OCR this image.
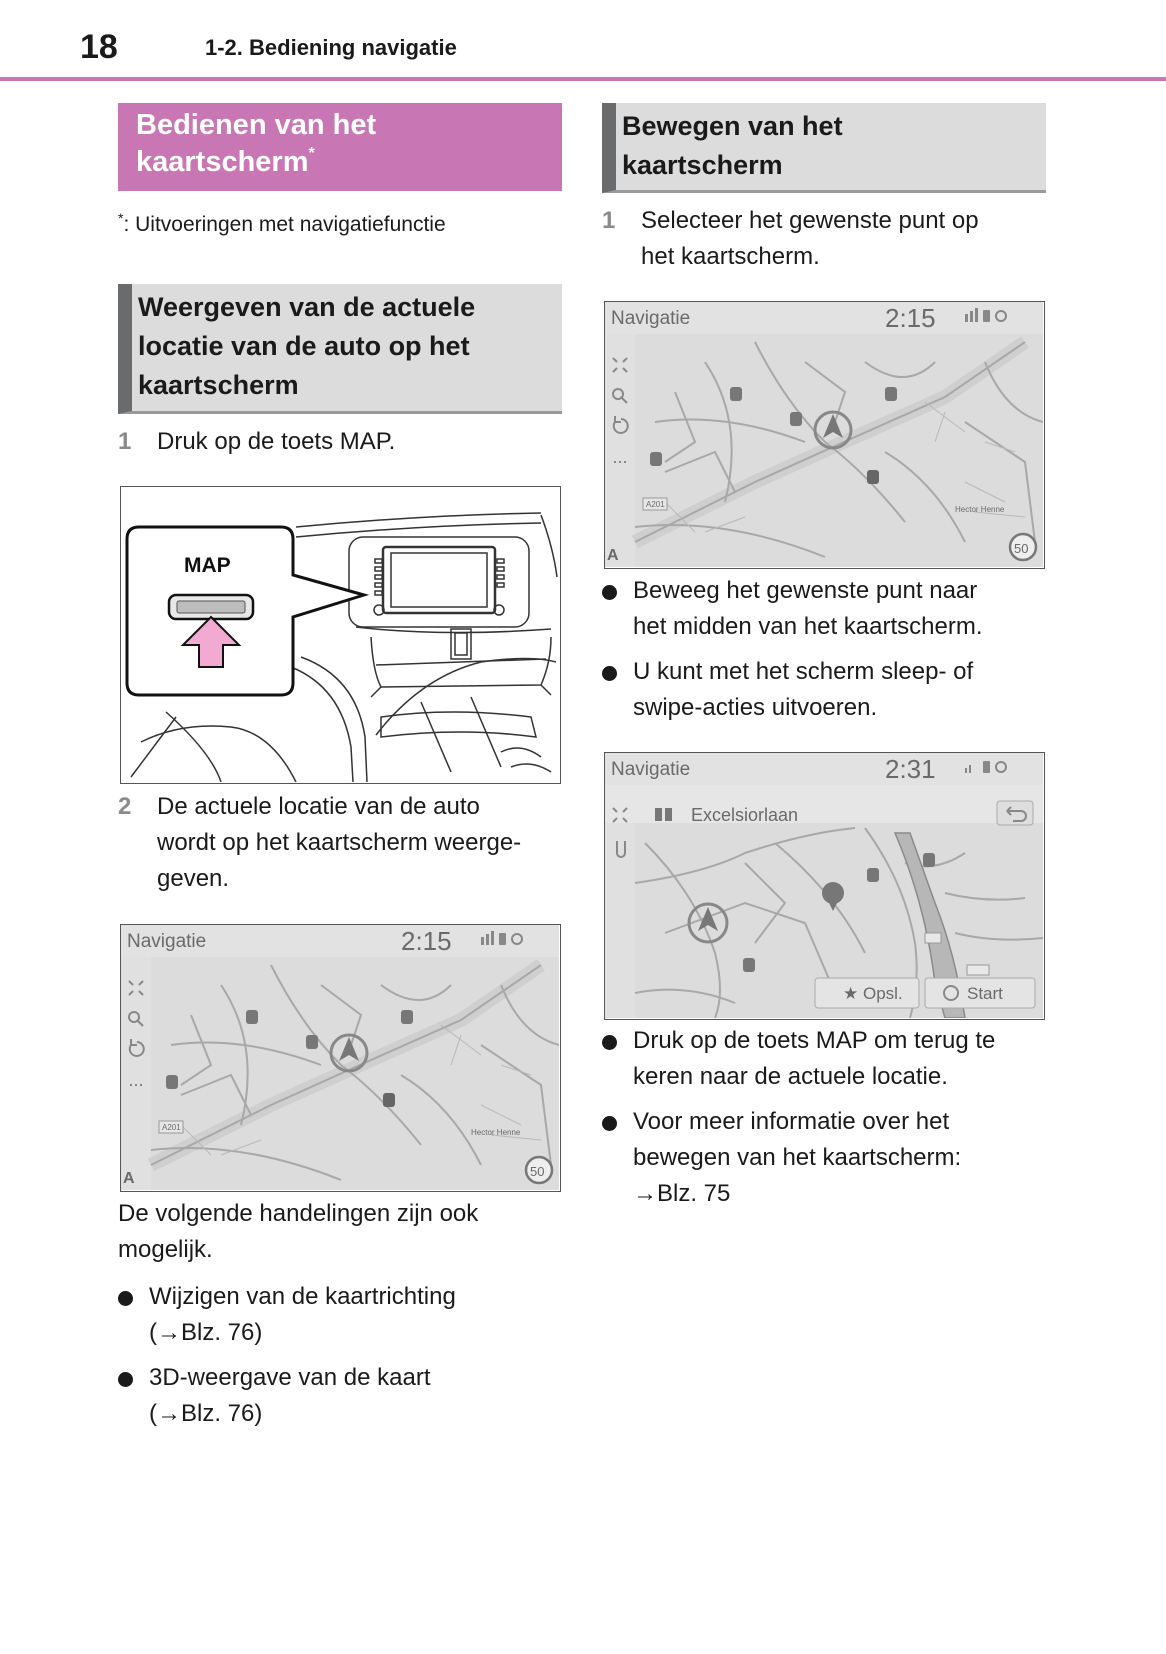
18	1-2. Bediening navigatie
Bedienen van het
kaartscherm*
*: Uitvoeringen met navigatiefunctie
Weergeven van de actuele
locatie van de auto op het
kaartscherm
1 Druk op de toets MAP.
MAP
2 De actuele locatie van de auto
wordt op het kaartscherm weerge-
geven.
Navigatie	2:15
A201
Hector Henne
A	50
De volgende handelingen zijn ook
mogelijk.
Wijzigen van de kaartrichting
(→Blz. 76)
3D-weergave van de kaart
(→Blz. 76)
Bewegen van het
kaartscherm
1 Selecteer het gewenste punt op
het kaartscherm.
Navigatie	2:15
A201
Hector Henne
A	50
Beweeg het gewenste punt naar
het midden van het kaartscherm.
U kunt met het scherm sleep- of
swipe-acties uitvoeren.
Navigatie	2:31
Excelsiorlaan
★ Opsl.	Start
Druk op de toets MAP om terug te
keren naar de actuele locatie.
Voor meer informatie over het
bewegen van het kaartscherm:
→Blz. 75
